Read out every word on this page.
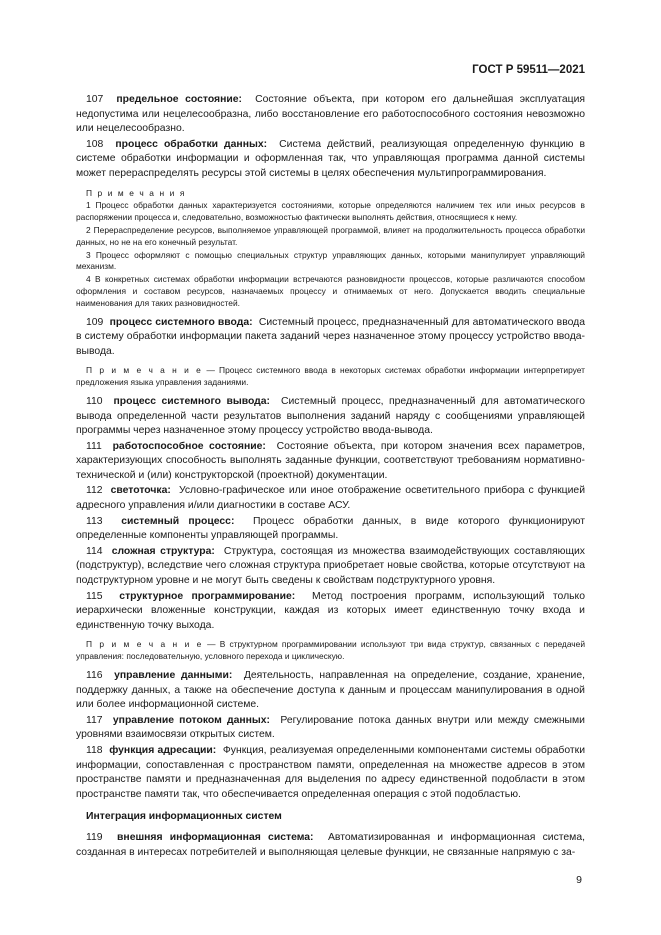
ГОСТ Р 59511—2021

107 предельное состояние: Состояние объекта, при котором его дальнейшая эксплуатация недопустима или нецелесообразна, либо восстановление его работоспособного состояния невозможно или нецелесообразно.

108 процесс обработки данных: Система действий, реализующая определенную функцию в системе обработки информации и оформленная так, что управляющая программа данной системы может перераспределять ресурсы этой системы в целях обеспечения мультипрограммирования.

П р и м е ч а н и я

1 Процесс обработки данных характеризуется состояниями, которые определяются наличием тех или иных ресурсов в распоряжении процесса и, следовательно, возможностью фактически выполнять действия, относящиеся к нему.

2 Перераспределение ресурсов, выполняемое управляющей программой, влияет на продолжительность процесса обработки данных, но не на его конечный результат.

3 Процесс оформляют с помощью специальных структур управляющих данных, которыми манипулирует управляющий механизм.

4 В конкретных системах обработки информации встречаются разновидности процессов, которые различаются способом оформления и составом ресурсов, назначаемых процессу и отнимаемых от него. Допускается вводить специальные наименования для таких разновидностей.

109 процесс системного ввода: Системный процесс, предназначенный для автоматического ввода в систему обработки информации пакета заданий через назначенное этому процессу устройство ввода-вывода.

П р и м е ч а н и е — Процесс системного ввода в некоторых системах обработки информации интерпретирует предложения языка управления заданиями.

110 процесс системного вывода: Системный процесс, предназначенный для автоматического вывода определенной части результатов выполнения заданий наряду с сообщениями управляющей программы через назначенное этому процессу устройство ввода-вывода.

111 работоспособное состояние: Состояние объекта, при котором значения всех параметров, характеризующих способность выполнять заданные функции, соответствуют требованиям нормативно-технической и (или) конструкторской (проектной) документации.

112 светоточка: Условно-графическое или иное отображение осветительного прибора с функцией адресного управления и/или диагностики в составе АСУ.

113 системный процесс: Процесс обработки данных, в виде которого функционируют определенные компоненты управляющей программы.

114 сложная структура: Структура, состоящая из множества взаимодействующих составляющих (подструктур), вследствие чего сложная структура приобретает новые свойства, которые отсутствуют на подструктурном уровне и не могут быть сведены к свойствам подструктурного уровня.

115 структурное программирование: Метод построения программ, использующий только иерархически вложенные конструкции, каждая из которых имеет единственную точку входа и единственную точку выхода.

П р и м е ч а н и е — В структурном программировании используют три вида структур, связанных с передачей управления: последовательную, условного перехода и циклическую.

116 управление данными: Деятельность, направленная на определение, создание, хранение, поддержку данных, а также на обеспечение доступа к данным и процессам манипулирования в одной или более информационной системе.

117 управление потоком данных: Регулирование потока данных внутри или между смежными уровнями взаимосвязи открытых систем.

118 функция адресации: Функция, реализуемая определенными компонентами системы обработки информации, сопоставленная с пространством памяти, определенная на множестве адресов в этом пространстве памяти и предназначенная для выделения по адресу единственной подобласти в этом пространстве памяти так, что обеспечивается определенная операция с этой подобластью.

Интеграция информационных систем

119 внешняя информационная система: Автоматизированная и информационная система, созданная в интересах потребителей и выполняющая целевые функции, не связанные напрямую с за-

9
